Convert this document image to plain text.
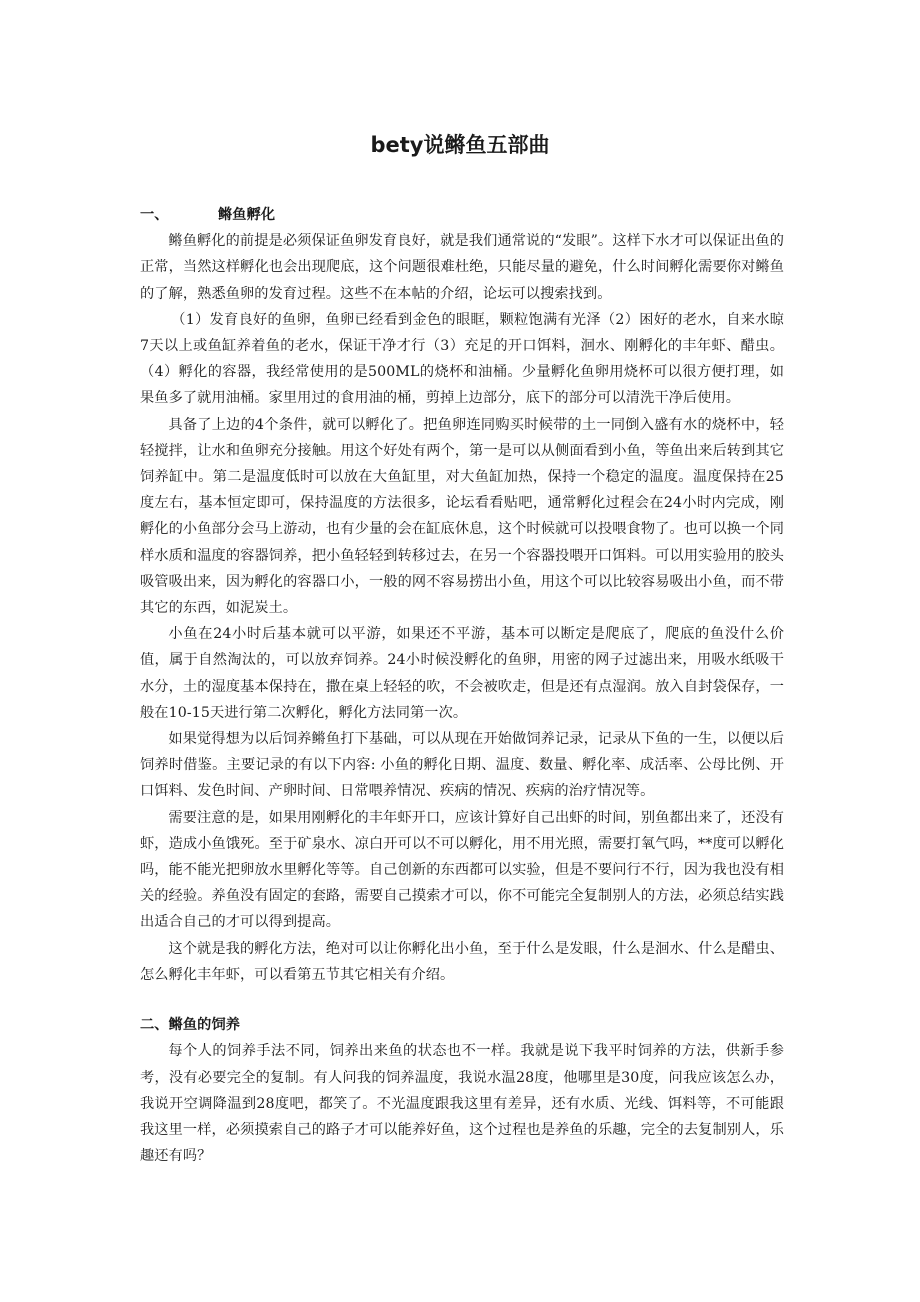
bety说鳉鱼五部曲
一、	鳉鱼孵化

鳉鱼孵化的前提是必须保证鱼卵发育良好，就是我们通常说的“发眼”。这样下水才可以保证出鱼的正常，当然这样孵化也会出现爬底，这个问题很难杜绝，只能尽量的避免，什么时间孵化需要你对鳉鱼的了解，熟悉鱼卵的发育过程。这些不在本帖的介绍，论坛可以搜索找到。

（1）发育良好的鱼卵，鱼卵已经看到金色的眼眶，颗粒饱满有光泽（2）困好的老水，自来水晾7天以上或鱼缸养着鱼的老水，保证干净才行（3）充足的开口饵料，洄水、刚孵化的丰年虾、醋虫。（4）孵化的容器，我经常使用的是500ML的烧杯和油桶。少量孵化鱼卵用烧杯可以很方便打理，如果鱼多了就用油桶。家里用过的食用油的桶，剪掉上边部分，底下的部分可以清洗干净后使用。

具备了上边的4个条件，就可以孵化了。把鱼卵连同购买时候带的土一同倒入盛有水的烧杯中，轻轻搅拌，让水和鱼卵充分接触。用这个好处有两个，第一是可以从侧面看到小鱼，等鱼出来后转到其它饲养缸中。第二是温度低时可以放在大鱼缸里，对大鱼缸加热，保持一个稳定的温度。温度保持在25度左右，基本恒定即可，保持温度的方法很多，论坛看看贴吧，通常孵化过程会在24小时内完成，刚孵化的小鱼部分会马上游动，也有少量的会在缸底休息，这个时候就可以投喂食物了。也可以换一个同样水质和温度的容器饲养，把小鱼轻轻到转移过去，在另一个容器投喂开口饵料。可以用实验用的胶头吸管吸出来，因为孵化的容器口小，一般的网不容易捞出小鱼，用这个可以比较容易吸出小鱼，而不带其它的东西，如泥炭土。

小鱼在24小时后基本就可以平游，如果还不平游，基本可以断定是爬底了，爬底的鱼没什么价值，属于自然淘汰的，可以放弃饲养。24小时候没孵化的鱼卵，用密的网子过滤出来，用吸水纸吸干水分，土的湿度基本保持在，撒在桌上轻轻的吹，不会被吹走，但是还有点湿润。放入自封袋保存，一般在10-15天进行第二次孵化，孵化方法同第一次。

如果觉得想为以后饲养鳉鱼打下基础，可以从现在开始做饲养记录，记录从下鱼的一生，以便以后饲养时借鉴。主要记录的有以下内容: 小鱼的孵化日期、温度、数量、孵化率、成活率、公母比例、开口饵料、发色时间、产卵时间、日常喂养情况、疾病的情况、疾病的治疗情况等。

需要注意的是，如果用刚孵化的丰年虾开口，应该计算好自己出虾的时间，别鱼都出来了，还没有虾，造成小鱼饿死。至于矿泉水、凉白开可以不可以孵化，用不用光照，需要打氧气吗，**度可以孵化吗，能不能光把卵放水里孵化等等。自己创新的东西都可以实验，但是不要问行不行，因为我也没有相关的经验。养鱼没有固定的套路，需要自己摸索才可以，你不可能完全复制别人的方法，必须总结实践出适合自己的才可以得到提高。

这个就是我的孵化方法，绝对可以让你孵化出小鱼，至于什么是发眼，什么是洄水、什么是醋虫、怎么孵化丰年虾，可以看第五节其它相关有介绍。

二、鳉鱼的饲养

每个人的饲养手法不同，饲养出来鱼的状态也不一样。我就是说下我平时饲养的方法，供新手参考，没有必要完全的复制。有人问我的饲养温度，我说水温28度，他哪里是30度，问我应该怎么办，我说开空调降温到28度吧，都笑了。不光温度跟我这里有差异，还有水质、光线、饵料等，不可能跟我这里一样，必须摸索自己的路子才可以能养好鱼，这个过程也是养鱼的乐趣，完全的去复制别人，乐趣还有吗？
